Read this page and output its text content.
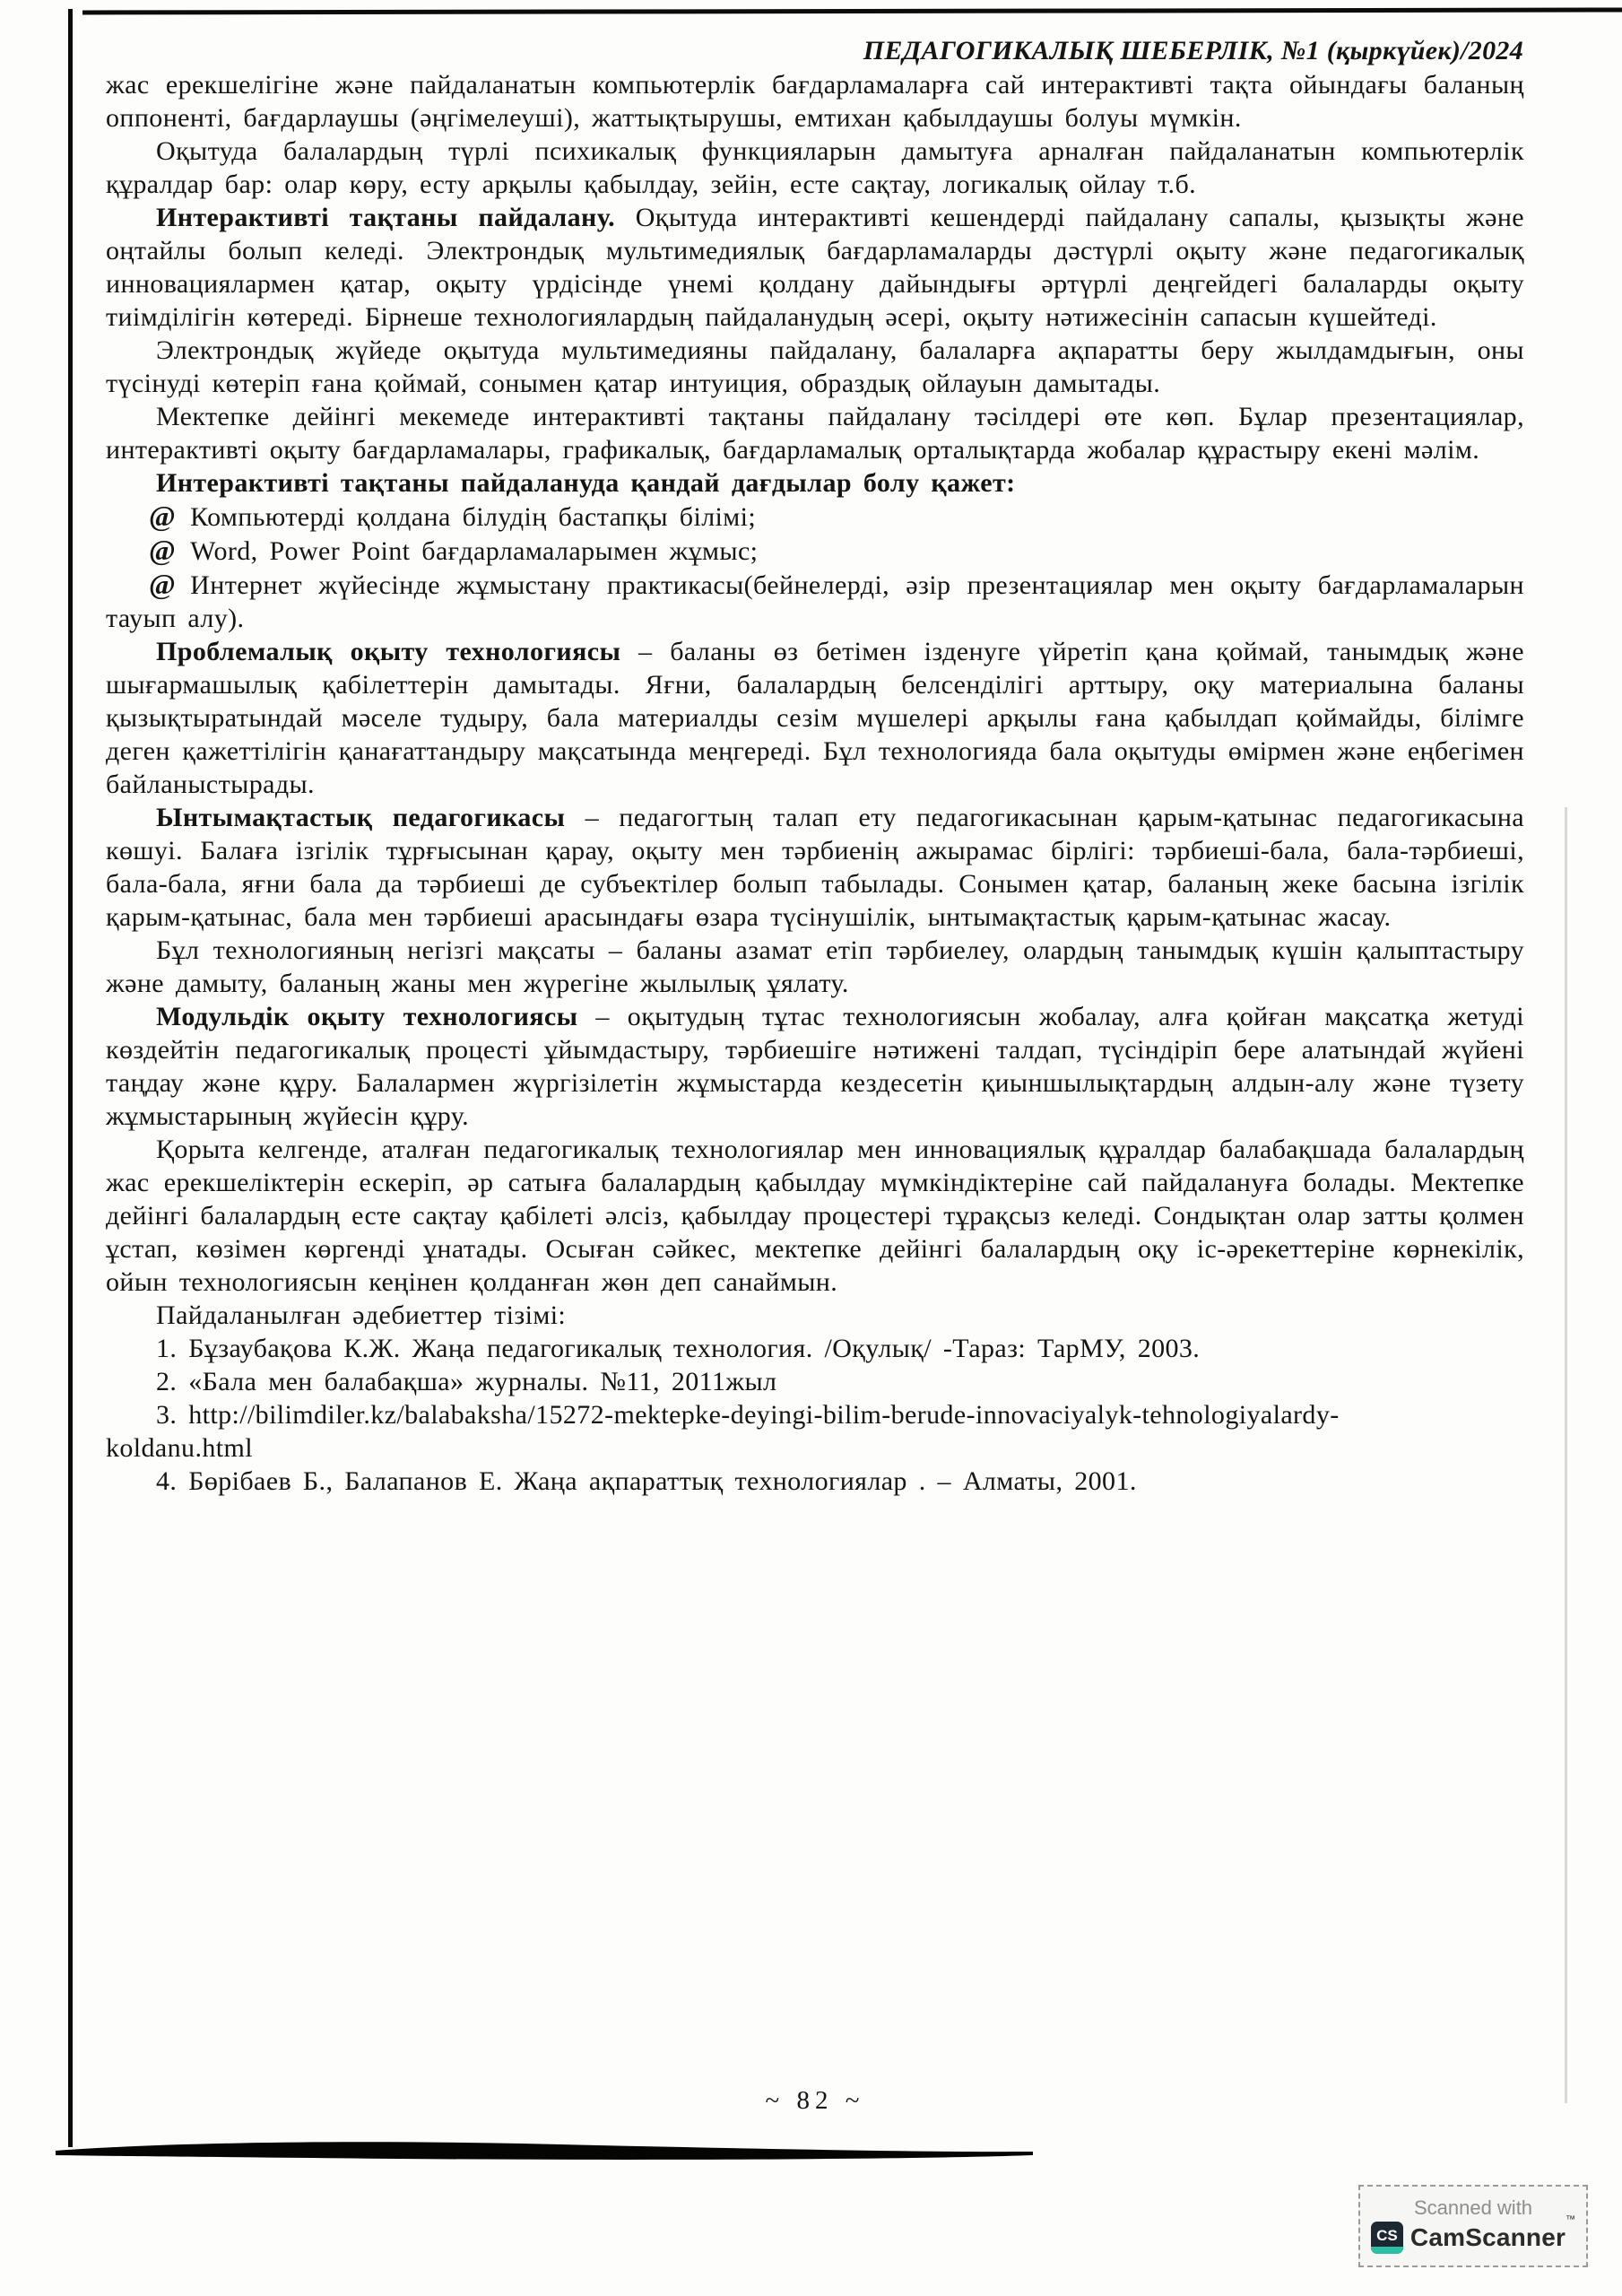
ПЕДАГОГИКАЛЫҚ ШЕБЕРЛІК, №1 (қыркүйек)/2024

жас ерекшелігіне және пайдаланатын компьютерлік бағдарламаларға сай интерактивті тақта ойындағы баланың оппоненті, бағдарлаушы (әңгімелеуші), жаттықтырушы, емтихан қабылдаушы болуы мүмкін.

Оқытуда балалардың түрлі психикалық функцияларын дамытуға арналған пайдаланатын компьютерлік құралдар бар: олар көру, есту арқылы қабылдау, зейін, есте сақтау, логикалық ойлау т.б.

Интерактивті тақтаны пайдалану. Оқытуда интерактивті кешендерді пайдалану сапалы, қызықты және оңтайлы болып келеді. Электрондық мультимедиялық бағдарламаларды дәстүрлі оқыту және педагогикалық инновациялармен қатар, оқыту үрдісінде үнемі қолдану дайындығы әртүрлі деңгейдегі балаларды оқыту тиімділігін көтереді. Бірнеше технологиялардың пайдаланудың әсері, оқыту нәтижесінін сапасын күшейтеді.

Электрондық жүйеде оқытуда мультимедияны пайдалану, балаларға ақпаратты беру жылдамдығын, оны түсінуді көтеріп ғана қоймай, сонымен қатар интуиция, образдық ойлауын дамытады.

Мектепке дейінгі мекемеде интерактивті тақтаны пайдалану тәсілдері өте көп. Бұлар презентациялар, интерактивті оқыту бағдарламалары, графикалық, бағдарламалық орталықтарда жобалар құрастыру екені мәлім.

Интерактивті тақтаны пайдалануда қандай дағдылар болу қажет:

@ Компьютерді қолдана білудің бастапқы білімі;

@ Word, Power Point бағдарламаларымен жұмыс;

@ Интернет жүйесінде жұмыстану практикасы(бейнелерді, әзір презентациялар мен оқыту бағдарламаларын тауып алу).

Проблемалық оқыту технологиясы – баланы өз бетімен ізденуге үйретіп қана қоймай, танымдық және шығармашылық қабілеттерін дамытады. Яғни, балалардың белсенділігі арттыру, оқу материалына баланы қызықтыратындай мәселе тудыру, бала материалды сезім мүшелері арқылы ғана қабылдап қоймайды, білімге деген қажеттілігін қанағаттандыру мақсатында меңгереді. Бұл технологияда бала оқытуды өмірмен және еңбегімен байланыстырады.

Ынтымақтастық педагогикасы – педагогтың талап ету педагогикасынан қарым-қатынас педагогикасына көшуі. Балаға ізгілік тұрғысынан қарау, оқыту мен тәрбиенің ажырамас бірлігі: тәрбиеші-бала, бала-тәрбиеші, бала-бала, яғни бала да тәрбиеші де субъектілер болып табылады. Сонымен қатар, баланың жеке басына ізгілік қарым-қатынас, бала мен тәрбиеші арасындағы өзара түсінушілік, ынтымақтастық қарым-қатынас жасау.

Бұл технологияның негізгі мақсаты – баланы азамат етіп тәрбиелеу, олардың танымдық күшін қалыптастыру және дамыту, баланың жаны мен жүрегіне жылылық ұялату.

Модульдік оқыту технологиясы – оқытудың тұтас технологиясын жобалау, алға қойған мақсатқа жетуді көздейтін педагогикалық процесті ұйымдастыру, тәрбиешіге нәтижені талдап, түсіндіріп бере алатындай жүйені таңдау және құру. Балалармен жүргізілетін жұмыстарда кездесетін қиыншылықтардың алдын-алу және түзету жұмыстарының жүйесін құру.

Қорыта келгенде, аталған педагогикалық технологиялар мен инновациялық құралдар балабақшада балалардың жас ерекшеліктерін ескеріп, әр сатыға балалардың қабылдау мүмкіндіктеріне сай пайдалануға болады. Мектепке дейінгі балалардың есте сақтау қабілеті әлсіз, қабылдау процестері тұрақсыз келеді. Сондықтан олар затты қолмен ұстап, көзімен көргенді ұнатады. Осыған сәйкес, мектепке дейінгі балалардың оқу іс-әрекеттеріне көрнекілік, ойын технологиясын кеңінен қолданған жөн деп санаймын.

Пайдаланылған әдебиеттер тізімі:

1. Бұзаубақова К.Ж. Жаңа педагогикалық технология. /Оқулық/ -Тараз: ТарМУ, 2003.

2. «Бала мен балабақша» журналы. №11, 2011жыл

3. http://bilimdiler.kz/balabaksha/15272-mektepke-deyingi-bilim-berude-innovaciyalyk-tehnologiyalardy-
koldanu.html

4. Бөрібаев Б., Балапанов Е. Жаңа ақпараттық технологиялар . – Алматы, 2001.

~ 82 ~
Scanned with
CS CamScanner™
